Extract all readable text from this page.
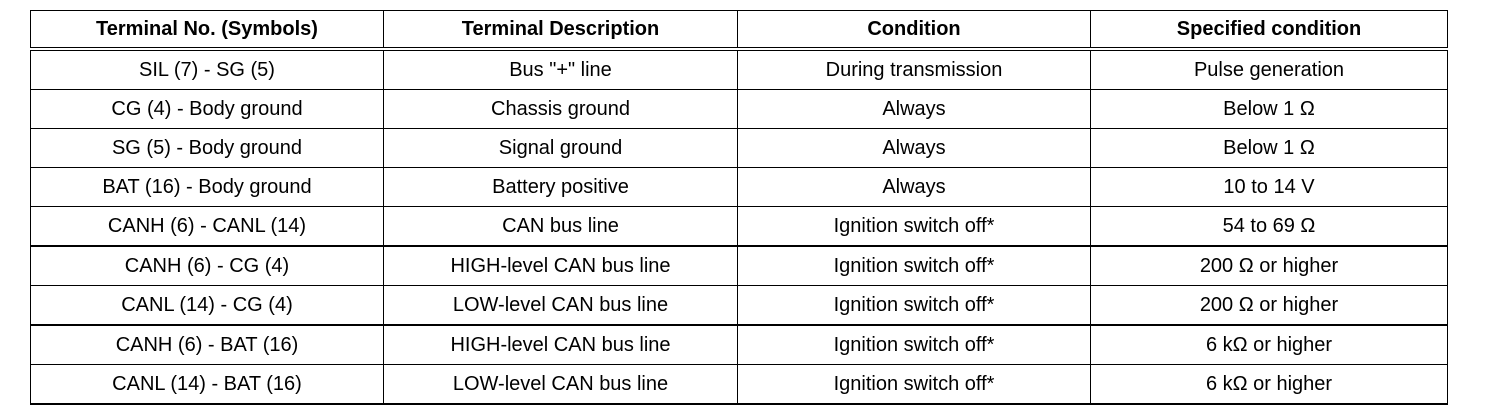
Terminal No. (Symbols)	Terminal Description	Condition	Specified condition
SIL (7) - SG (5)	Bus "+" line	During transmission	Pulse generation
CG (4) - Body ground	Chassis ground	Always	Below 1 Ω
SG (5) - Body ground	Signal ground	Always	Below 1 Ω
BAT (16) - Body ground	Battery positive	Always	10 to 14 V
CANH (6) - CANL (14)	CAN bus line	Ignition switch off*	54 to 69 Ω
CANH (6) - CG (4)	HIGH-level CAN bus line	Ignition switch off*	200 Ω or higher
CANL (14) - CG (4)	LOW-level CAN bus line	Ignition switch off*	200 Ω or higher
CANH (6) - BAT (16)	HIGH-level CAN bus line	Ignition switch off*	6 kΩ or higher
CANL (14) - BAT (16)	LOW-level CAN bus line	Ignition switch off*	6 kΩ or higher
